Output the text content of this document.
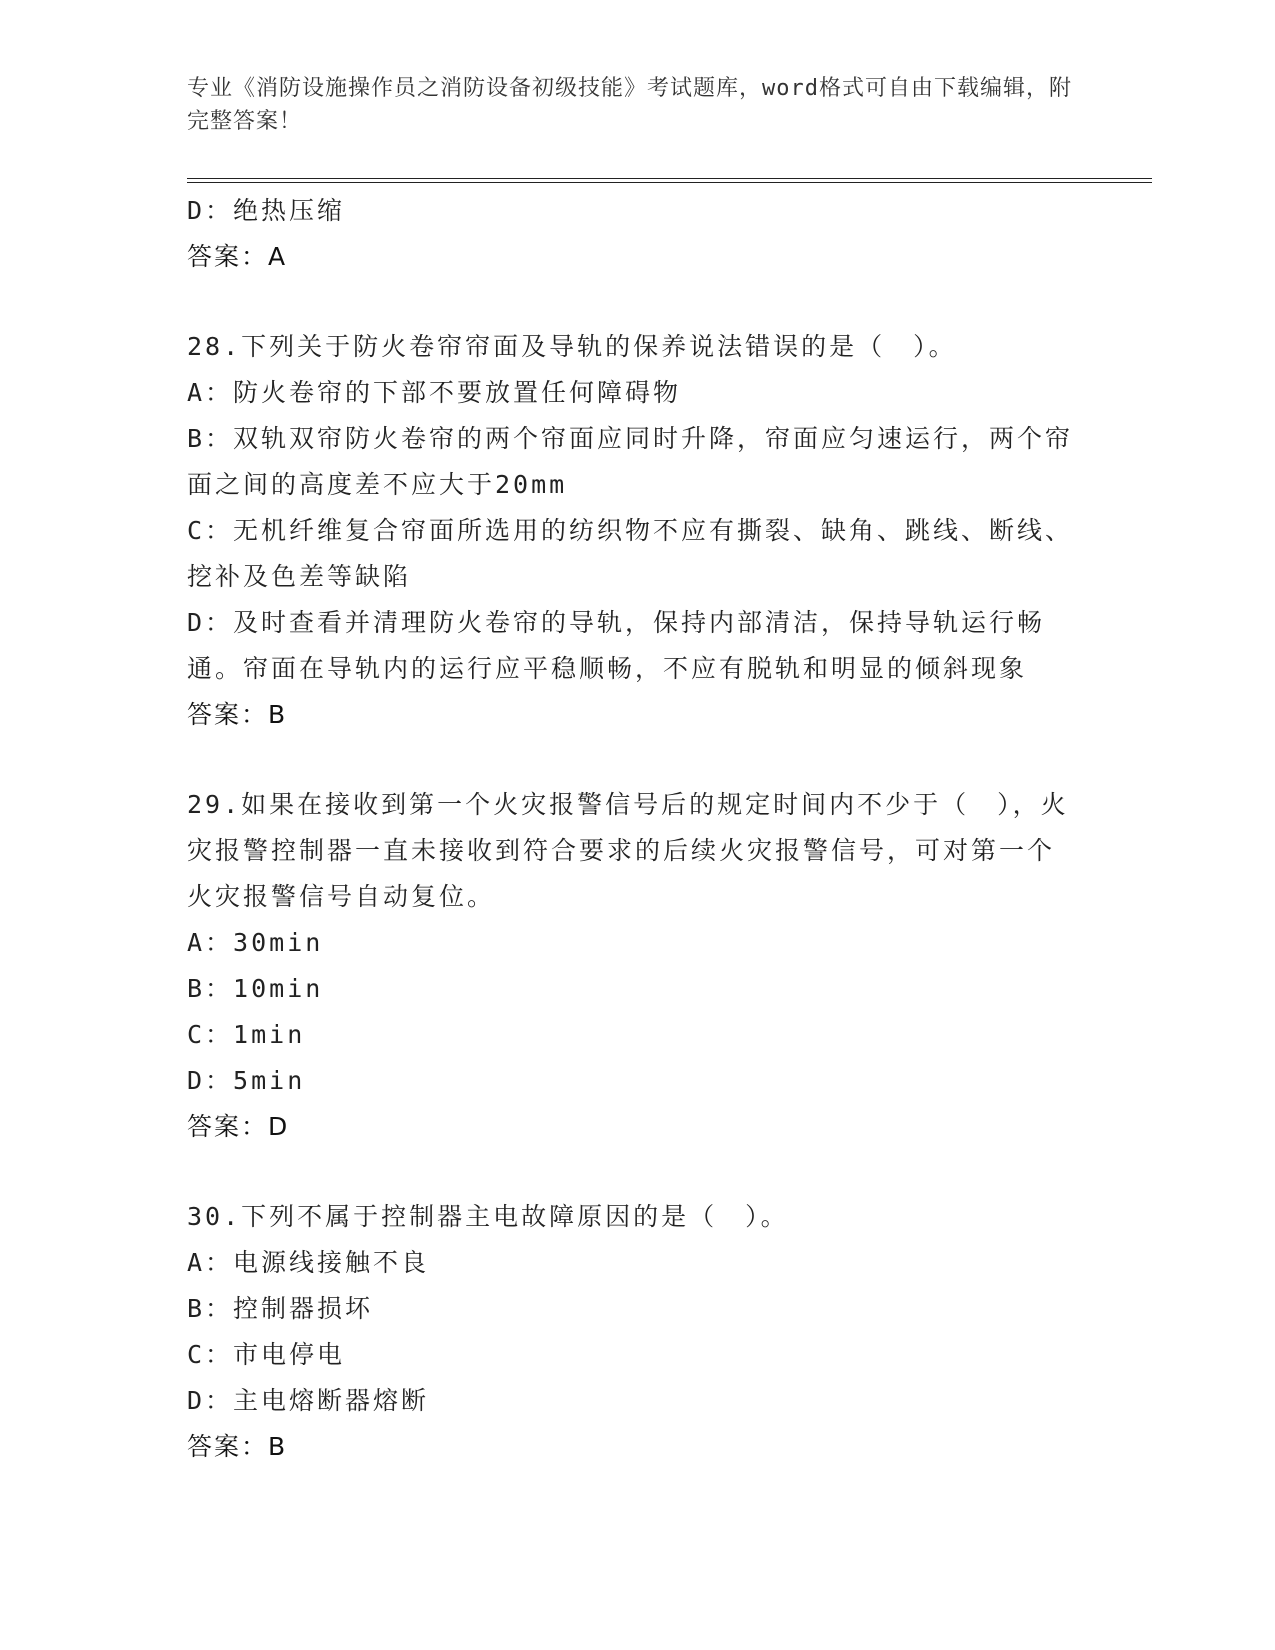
专业《消防设施操作员之消防设备初级技能》考试题库，word格式可自由下载编辑，附完整答案！
D：绝热压缩
答案：A
28.下列关于防火卷帘帘面及导轨的保养说法错误的是（　）。
A：防火卷帘的下部不要放置任何障碍物
B：双轨双帘防火卷帘的两个帘面应同时升降，帘面应匀速运行，两个帘面之间的高度差不应大于20mm
C：无机纤维复合帘面所选用的纺织物不应有撕裂、缺角、跳线、断线、挖补及色差等缺陷
D：及时查看并清理防火卷帘的导轨，保持内部清洁，保持导轨运行畅通。帘面在导轨内的运行应平稳顺畅，不应有脱轨和明显的倾斜现象
答案：B
29.如果在接收到第一个火灾报警信号后的规定时间内不少于（　），火灾报警控制器一直未接收到符合要求的后续火灾报警信号，可对第一个火灾报警信号自动复位。
A：30min
B：10min
C：1min
D：5min
答案：D
30.下列不属于控制器主电故障原因的是（　）。
A：电源线接触不良
B：控制器损坏
C：市电停电
D：主电熔断器熔断
答案：B
